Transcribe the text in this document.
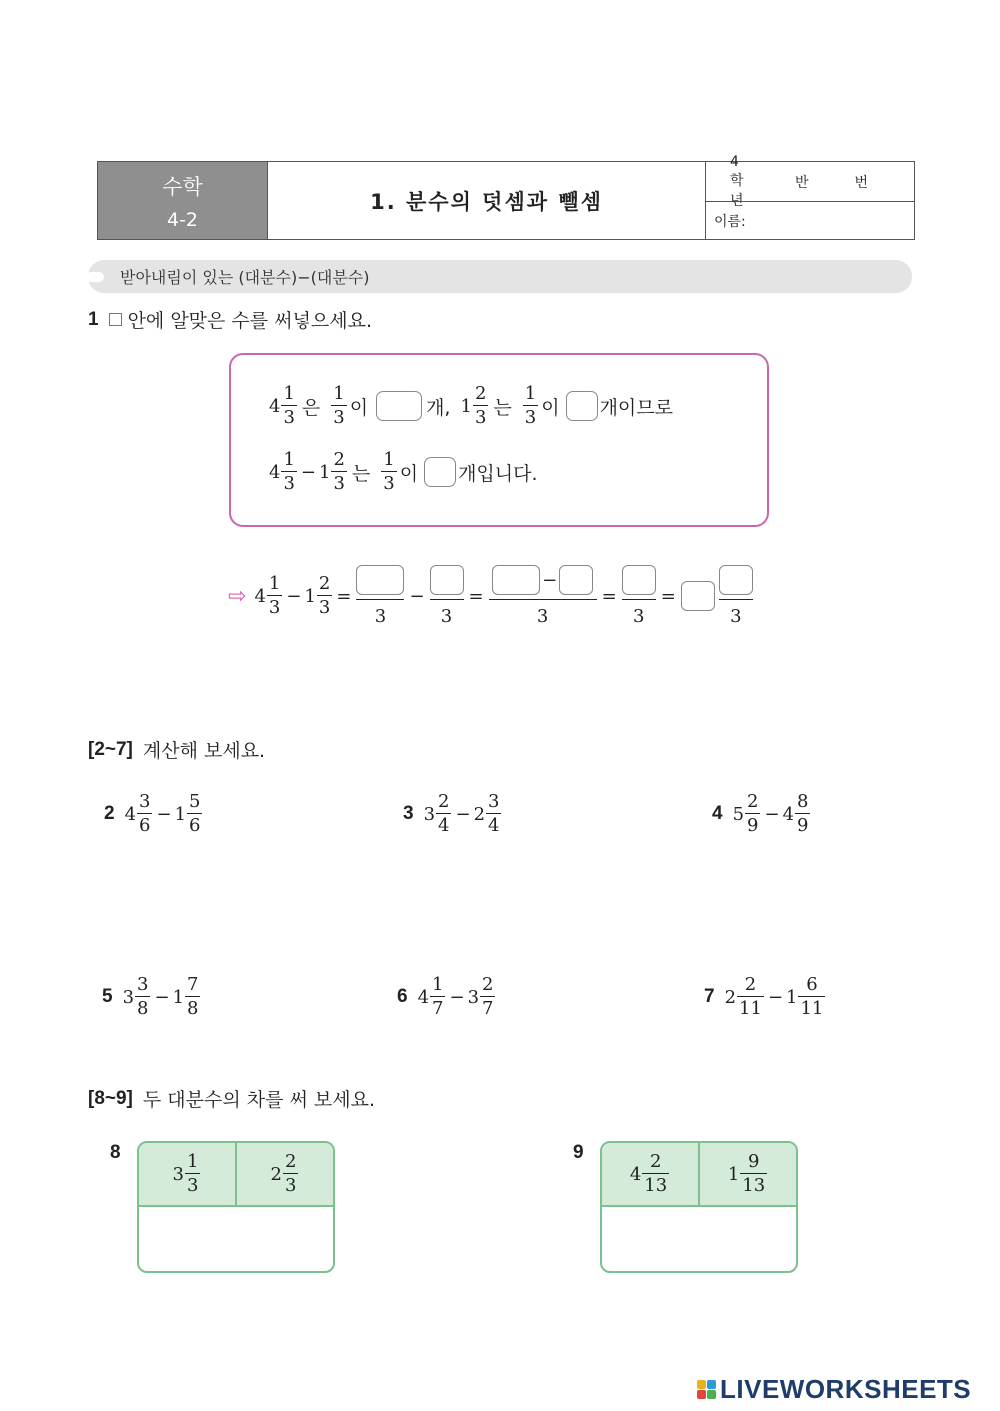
수학
4-2
1. 분수의 덧셈과 뺄셈
4학년
반	번
이름:
받아내림이 있는 (대분수)−(대분수)
1 안에 알맞은 수를 써넣으세요.
$4 \frac{1}{3}$ 은 $\frac{1}{3}$ 이	개, $1 \frac{2}{3}$ 는 $\frac{1}{3}$ 이 개이므로
$4 \frac{1}{3} - 1 \frac{2}{3}$ 는 $\frac{1}{3}$ 이 개입니다.
⇨ $4 \frac{1}{3} - 1 \frac{2}{3}$ =
3
−
3
=
−
3
=
3
=
3
[2~7] 계산해 보세요.
2 $4 \frac{3}{6} - 1 \frac{5}{6}$	3 $3 \frac{2}{4} - 2 \frac{3}{4}$	4 $5 \frac{2}{9} - 4 \frac{8}{9}$
5 $3 \frac{3}{8} - 1 \frac{7}{8}$	6 $4 \frac{1}{7} - 3 \frac{2}{7}$	7 $2 \frac{2}{11} - 1 \frac{6}{11}$
[8~9] 두 대분수의 차를 써 보세요.
8
$3 \frac{1}{3}$	$2 \frac{2}{3}$
9
$4 \frac{2}{13}$	$1 \frac{9}{13}$
LIVEWORKSHEETS
